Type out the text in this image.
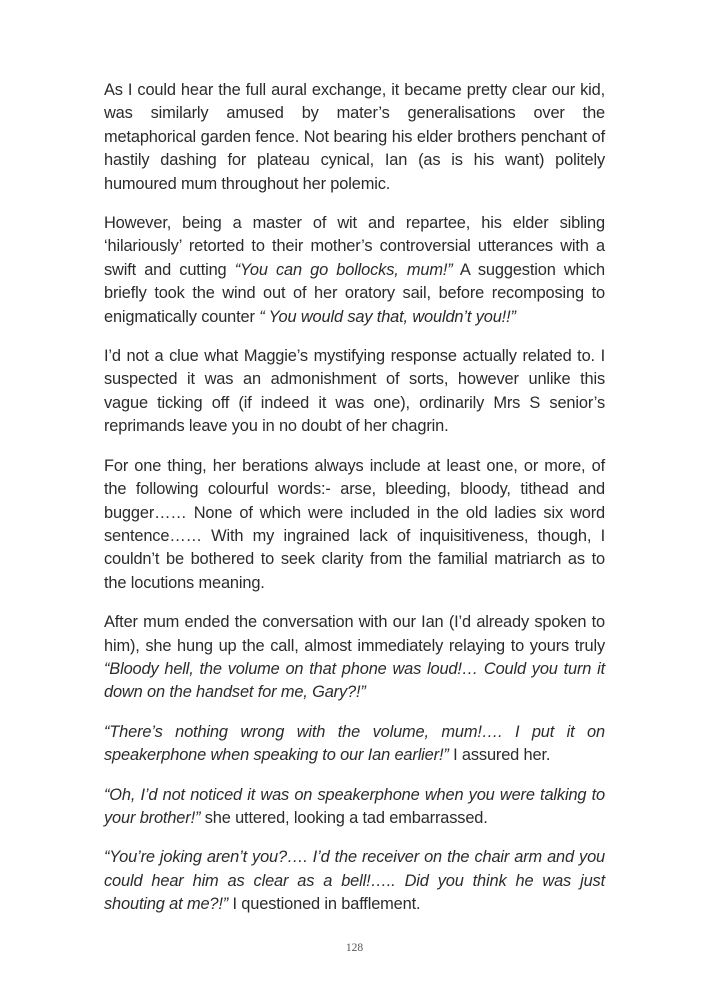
As I could hear the full aural exchange, it became pretty clear our kid, was similarly amused by mater’s generalisations over the metaphorical garden fence. Not bearing his elder brothers penchant of hastily dashing for plateau cynical, Ian (as is his want) politely humoured mum throughout her polemic.

However, being a master of wit and repartee, his elder sibling ‘hilariously’ retorted to their mother’s controversial utterances with a swift and cutting “You can go bollocks, mum!” A suggestion which briefly took the wind out of her oratory sail, before recomposing to enigmatically counter “ You would say that, wouldn’t you!!”

I’d not a clue what Maggie’s mystifying response actually related to. I suspected it was an admonishment of sorts, however unlike this vague ticking off (if indeed it was one), ordinarily Mrs S senior’s reprimands leave you in no doubt of her chagrin.

For one thing, her berations always include at least one, or more, of the following colourful words:- arse, bleeding, bloody, tithead and bugger…… None of which were included in the old ladies six word sentence…… With my ingrained lack of inquisitiveness, though, I couldn’t be bothered to seek clarity from the familial matriarch as to the locutions meaning.

After mum ended the conversation with our Ian (I’d already spoken to him), she hung up the call, almost immediately relaying to yours truly “Bloody hell, the volume on that phone was loud!… Could you turn it down on the handset for me, Gary?!”

“There’s nothing wrong with the volume, mum!…. I put it on speakerphone when speaking to our Ian earlier!” I assured her.

“Oh, I’d not noticed it was on speakerphone when you were talking to your brother!” she uttered, looking a tad embarrassed.

“You’re joking aren’t you?…. I’d the receiver on the chair arm and you could hear him as clear as a bell!….. Did you think he was just shouting at me?!” I questioned in bafflement.

128
